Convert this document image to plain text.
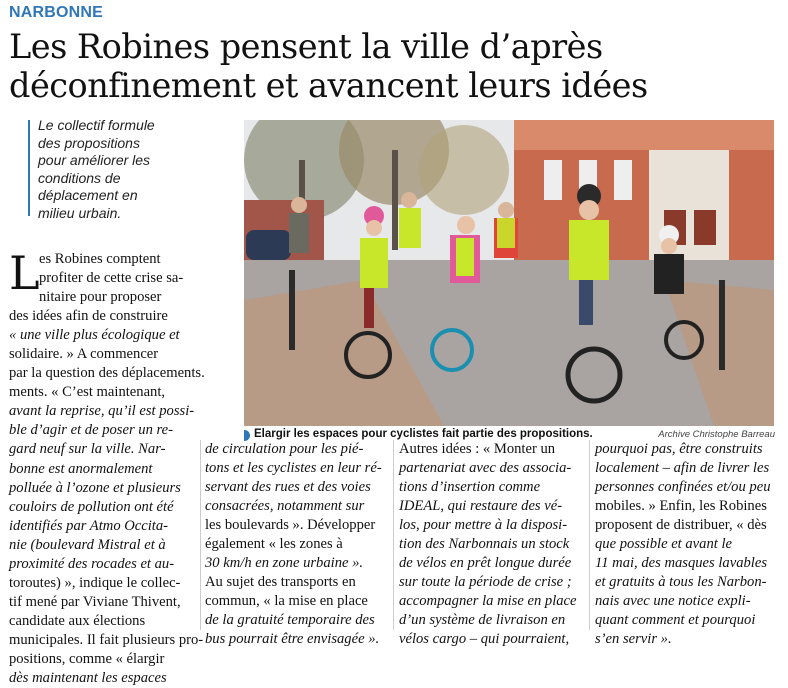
NARBONNE
Les Robines pensent la ville d’après
déconfinement et avancent leurs idées
Le collectif formule
des propositions
pour améliorer les
conditions de
déplacement en
milieu urbain.
Elargir les espaces pour cyclistes fait partie des propositions.	Archive Christophe Barreau
L es Robines comptent
profiter de cette crise sa-
nitaire pour proposer
des idées afin de construire
« une ville plus écologique et
solidaire. » A commencer
par la question des déplacements.
ments. « C’est maintenant,
avant la reprise, qu’il est possi-
ble d’agir et de poser un re-
gard neuf sur la ville. Nar-
bonne est anormalement
polluée à l’ozone et plusieurs
couloirs de pollution ont été
identifiés par Atmo Occita-
nie (boulevard Mistral et à
proximité des rocades et au-
toroutes) », indique le collec-
tif mené par Viviane Thivent,
candidate aux élections
municipales. Il fait plusieurs pro-
positions, comme « élargir
dès maintenant les espaces
de circulation pour les pié-
tons et les cyclistes en leur ré-
servant des rues et des voies
consacrées, notamment sur
les boulevards ». Développer
également « les zones à
30 km/h en zone urbaine ».
Au sujet des transports en
commun, « la mise en place
de la gratuité temporaire des
bus pourrait être envisagée ».
Autres idées : « Monter un
partenariat avec des associa-
tions d’insertion comme
IDEAL, qui restaure des vé-
los, pour mettre à la disposi-
tion des Narbonnais un stock
de vélos en prêt longue durée
sur toute la période de crise ;
accompagner la mise en place
d’un système de livraison en
vélos cargo – qui pourraient,
pourquoi pas, être construits
localement – afin de livrer les
personnes confinées et/ou peu
mobiles. » Enfin, les Robines
proposent de distribuer, « dès
que possible et avant le
11 mai, des masques lavables
et gratuits à tous les Narbon-
nais avec une notice expli-
quant comment et pourquoi
s’en servir ».
